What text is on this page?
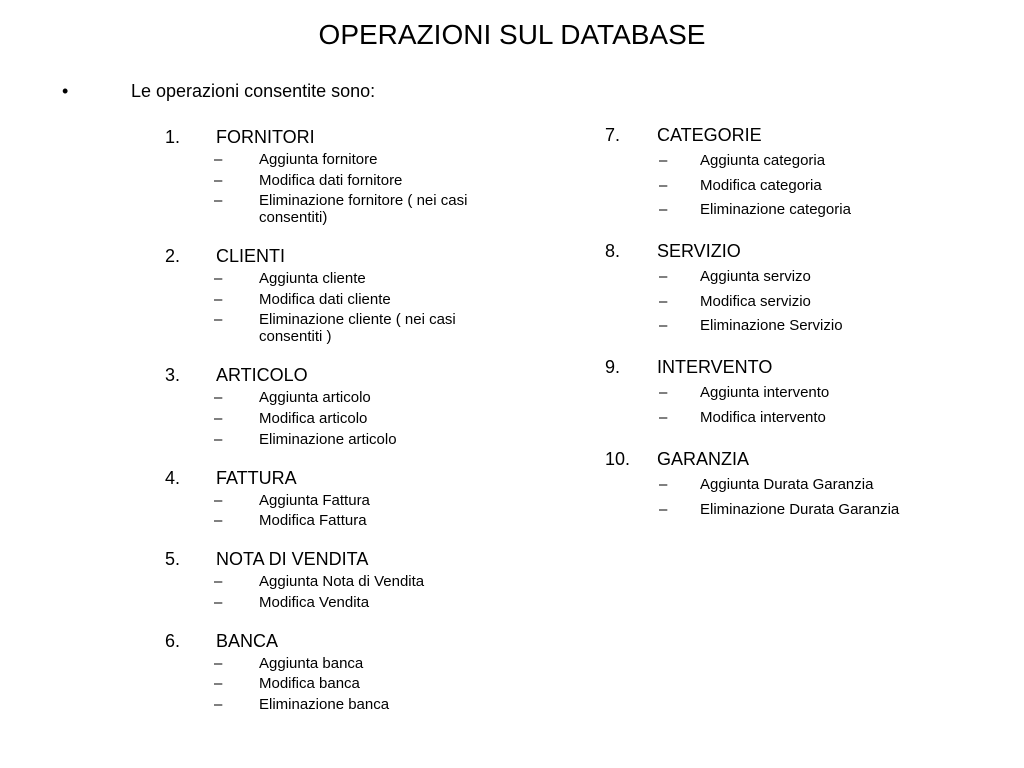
OPERAZIONI SUL DATABASE
•	Le operazioni consentite sono:
1. FORNITORI
– Aggiunta fornitore
– Modifica dati fornitore
– Eliminazione fornitore ( nei casi consentiti)
2. CLIENTI
– Aggiunta cliente
– Modifica dati cliente
– Eliminazione cliente ( nei casi consentiti )
3. ARTICOLO
– Aggiunta articolo
– Modifica articolo
– Eliminazione articolo
4. FATTURA
– Aggiunta Fattura
– Modifica Fattura
5. NOTA DI VENDITA
– Aggiunta Nota di Vendita
– Modifica Vendita
6. BANCA
– Aggiunta banca
– Modifica banca
– Eliminazione banca
7. CATEGORIE
– Aggiunta categoria
– Modifica categoria
– Eliminazione categoria
8. SERVIZIO
– Aggiunta servizo
– Modifica servizio
– Eliminazione Servizio
9. INTERVENTO
– Aggiunta intervento
– Modifica intervento
10. GARANZIA
– Aggiunta Durata Garanzia
– Eliminazione Durata Garanzia
